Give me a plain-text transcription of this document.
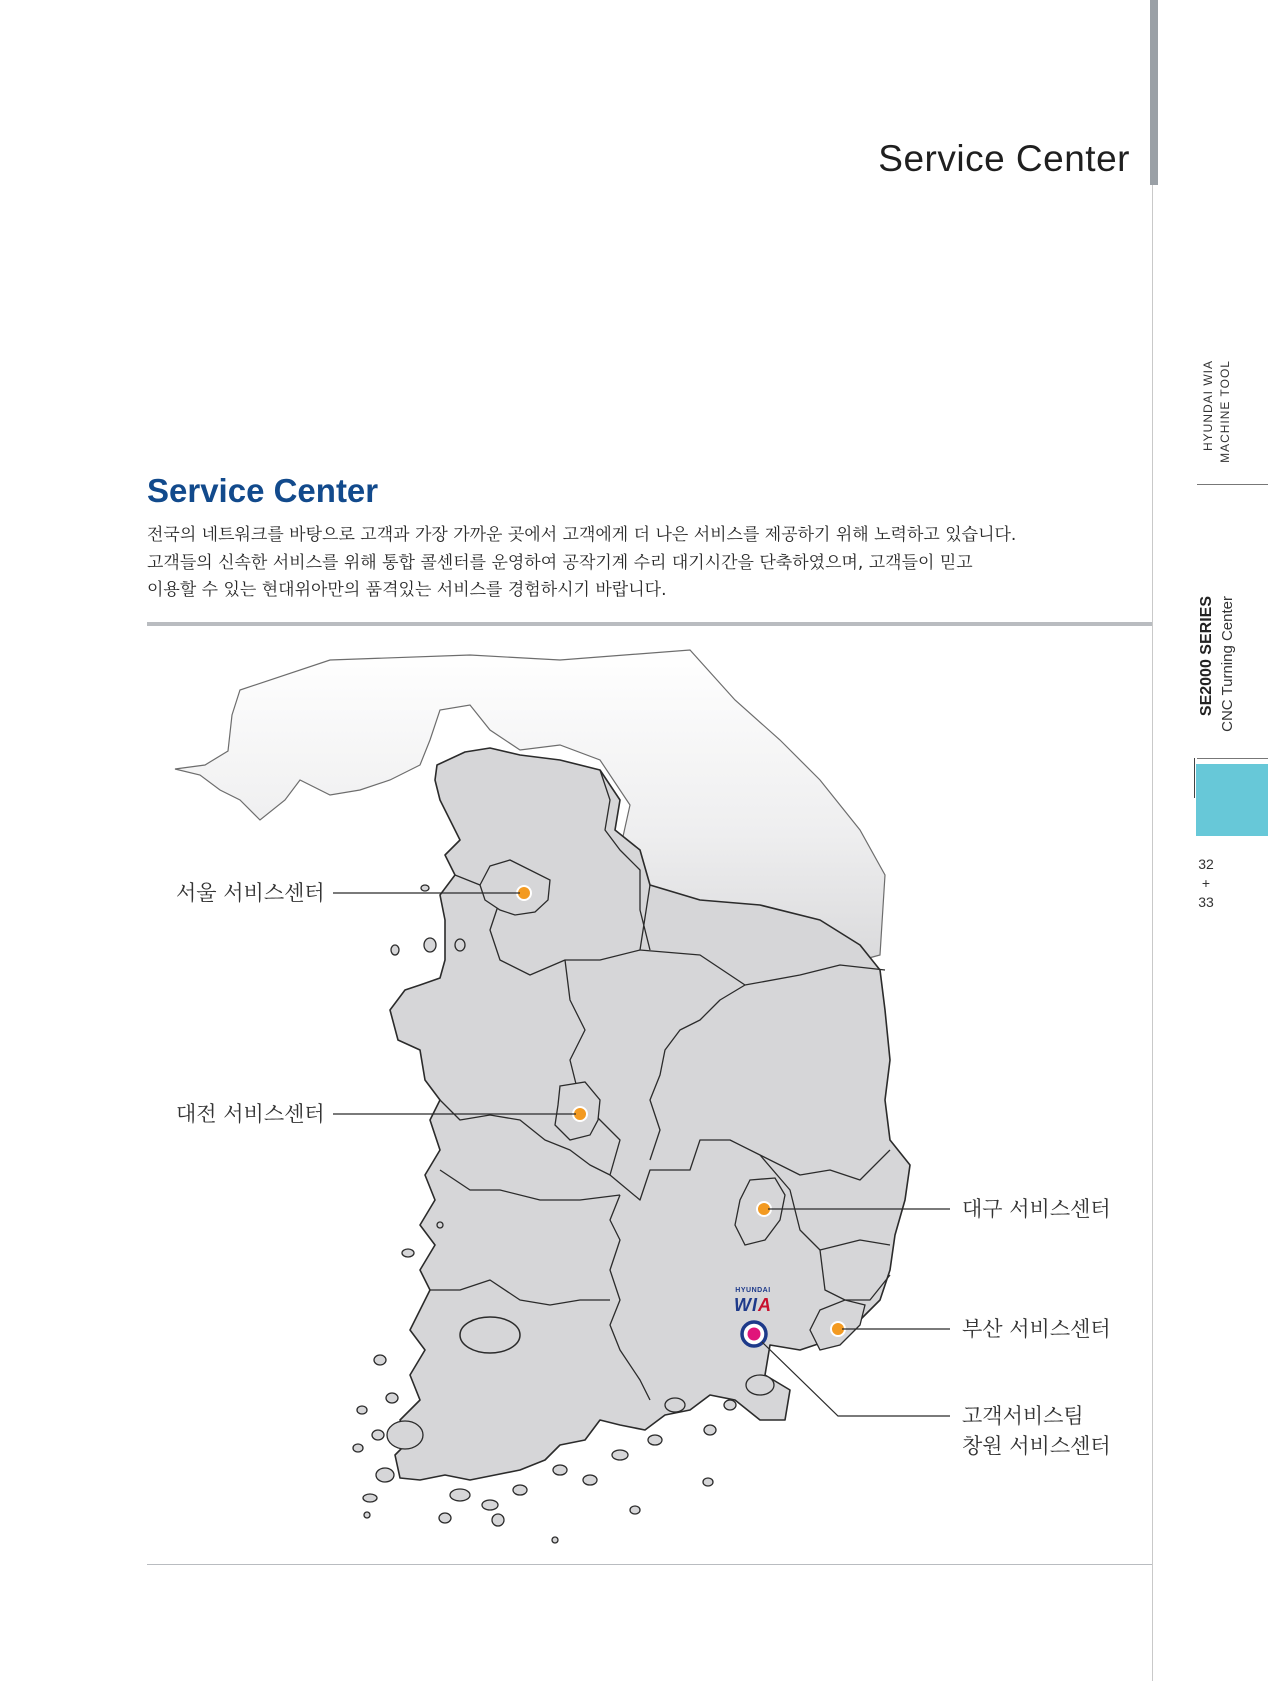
Service Center
HYUNDAI WIA MACHINE TOOL
SE2000 SERIES CNC Turning Center
32
+
33
Service Center
전국의 네트워크를 바탕으로 고객과 가장 가까운 곳에서 고객에게 더 나은 서비스를 제공하기 위해 노력하고 있습니다.
고객들의 신속한 서비스를 위해 통합 콜센터를 운영하여 공작기계 수리 대기시간을 단축하였으며, 고객들이 믿고
이용할 수 있는 현대위아만의 품격있는 서비스를 경험하시기 바랍니다.
서울 서비스센터
대전 서비스센터
대구 서비스센터
부산 서비스센터
고객서비스팀
창원 서비스센터
HYUNDAI
WIA
